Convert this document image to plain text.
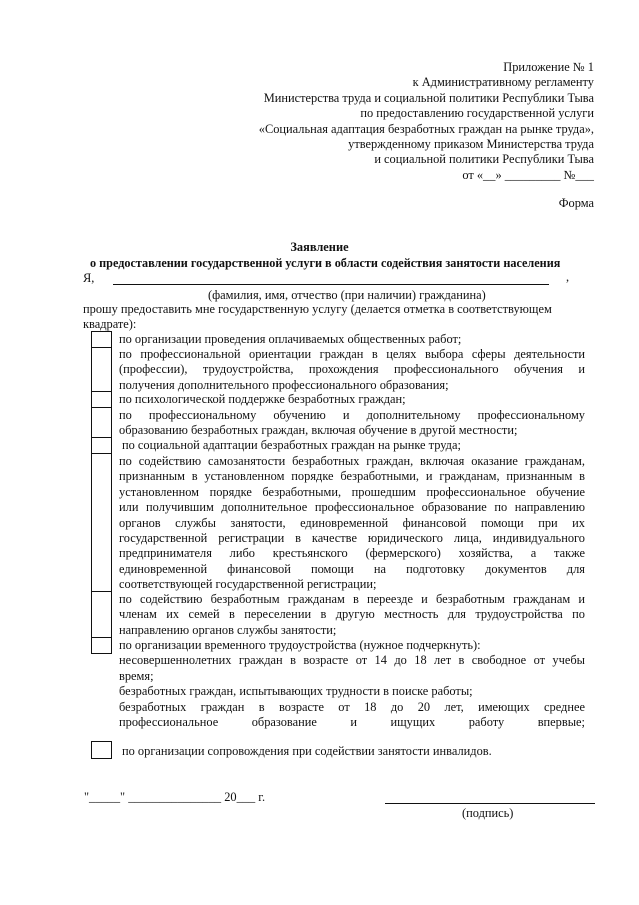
Приложение № 1
к Административному регламенту
Министерства труда и социальной политики Республики Тыва
по предоставлению государственной услуги
«Социальная адаптация безработных граждан на рынке труда»,
утвержденному приказом Министерства труда
и социальной политики Республики Тыва
от «__» _________ №___
Форма
Заявление
о предоставлении государственной услуги в области содействия занятости населения
Я,	,
(фамилия, имя, отчество (при наличии) гражданина)
прошу предоставить мне государственную услугу (делается отметка в соответствующем
квадрате):
по организации проведения оплачиваемых общественных работ;
по профессиональной ориентации граждан в целях выбора сферы деятельности
(профессии), трудоустройства, прохождения профессионального обучения и
получения дополнительного профессионального образования;
по психологической поддержке безработных граждан;
по профессиональному обучению и дополнительному профессиональному
образованию безработных граждан, включая обучение в другой местности;
по социальной адаптации безработных граждан на рынке труда;
по содействию самозанятости безработных граждан, включая оказание гражданам,
признанным в установленном порядке безработными, и гражданам, признанным в
установленном порядке безработными, прошедшим профессиональное обучение
или получившим дополнительное профессиональное образование по направлению
органов службы занятости, единовременной финансовой помощи при их
государственной регистрации в качестве юридического лица, индивидуального
предпринимателя либо крестьянского (фермерского) хозяйства, а также
единовременной финансовой помощи на подготовку документов для
соответствующей государственной регистрации;
по содействию безработным гражданам в переезде и безработным гражданам и
членам их семей в переселении в другую местность для трудоустройства по
направлению органов службы занятости;
по организации временного трудоустройства (нужное подчеркнуть):
несовершеннолетних граждан в возрасте от 14 до 18 лет в свободное от учебы
время;
безработных граждан, испытывающих трудности в поиске работы;
безработных граждан в возрасте от 18 до 20 лет, имеющих среднее
профессиональное образование и ищущих работу впервые;
по организации сопровождения при содействии занятости инвалидов.
"_____" _______________ 20___ г.
(подпись)
